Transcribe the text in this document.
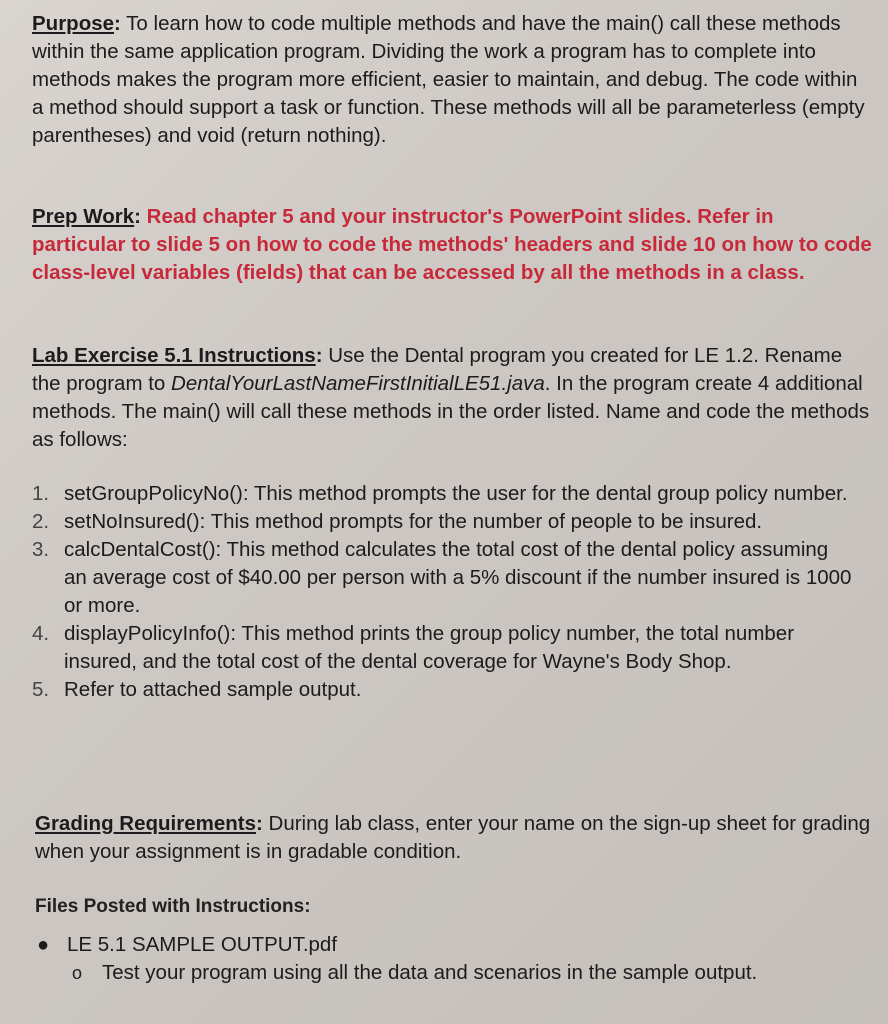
Purpose: To learn how to code multiple methods and have the main() call these methods within the same application program. Dividing the work a program has to complete into methods makes the program more efficient, easier to maintain, and debug. The code within a method should support a task or function. These methods will all be parameterless (empty parentheses) and void (return nothing).

Prep Work: Read chapter 5 and your instructor's PowerPoint slides. Refer in particular to slide 5 on how to code the methods' headers and slide 10 on how to code class-level variables (fields) that can be accessed by all the methods in a class.

Lab Exercise 5.1 Instructions: Use the Dental program you created for LE 1.2. Rename the program to DentalYourLastNameFirstInitialLE51.java. In the program create 4 additional methods. The main() will call these methods in the order listed. Name and code the methods as follows:

1. setGroupPolicyNo(): This method prompts the user for the dental group policy number.
2. setNoInsured(): This method prompts for the number of people to be insured.
3. calcDentalCost(): This method calculates the total cost of the dental policy assuming an average cost of $40.00 per person with a 5% discount if the number insured is 1000 or more.
4. displayPolicyInfo(): This method prints the group policy number, the total number insured, and the total cost of the dental coverage for Wayne's Body Shop.
5. Refer to attached sample output.

Grading Requirements: During lab class, enter your name on the sign-up sheet for grading when your assignment is in gradable condition.

Files Posted with Instructions:
● LE 5.1 SAMPLE OUTPUT.pdf
o Test your program using all the data and scenarios in the sample output.
